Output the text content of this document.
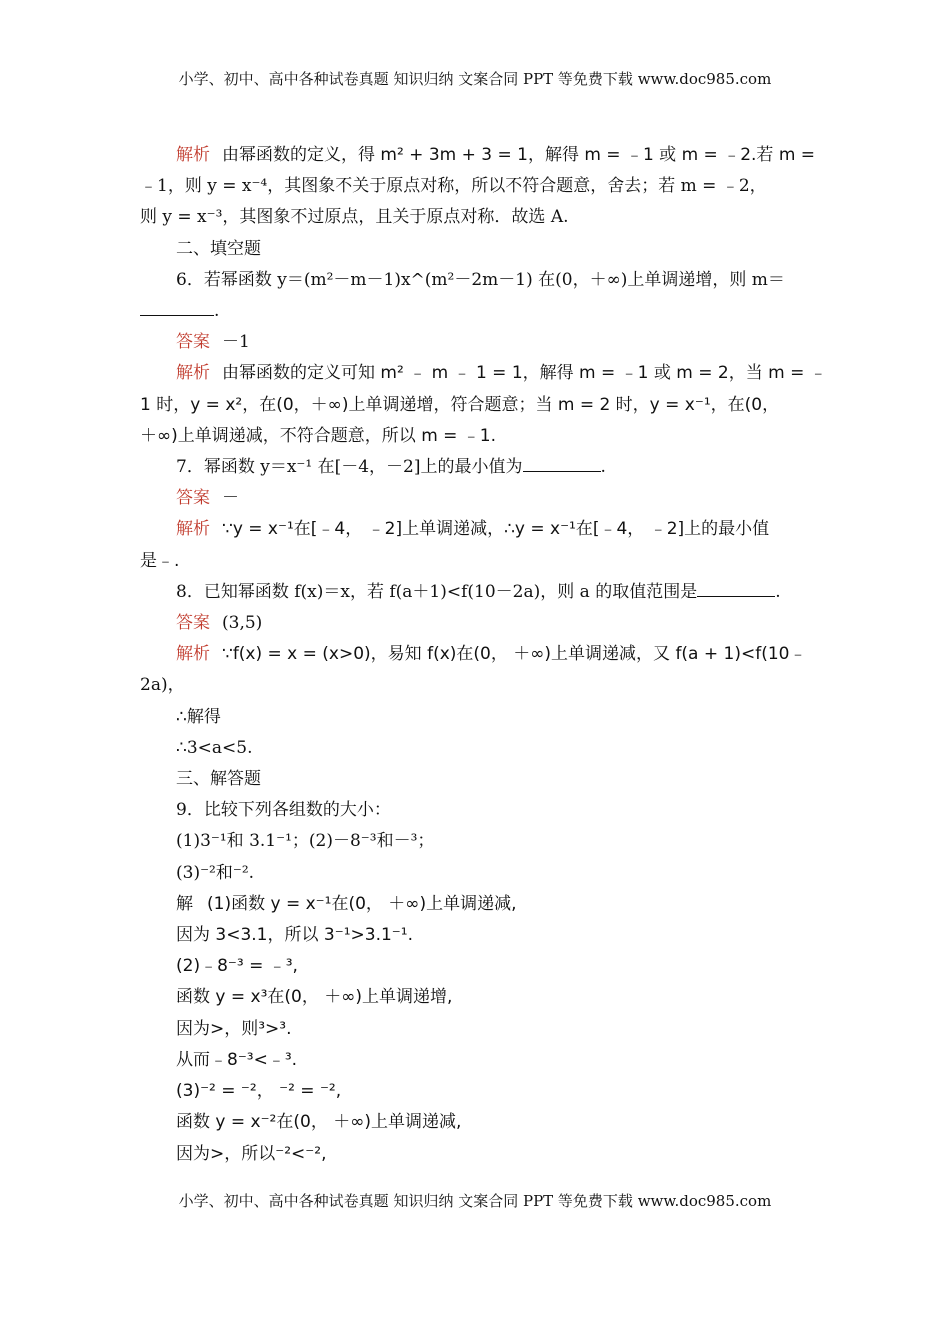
小学、初中、高中各种试卷真题 知识归纳 文案合同 PPT 等免费下载 www.doc985.com
解析 由幂函数的定义，得 m² + 3m + 3 = 1，解得 m = ﹣1 或 m = ﹣2.若 m =
﹣1，则 y = x⁻⁴，其图象不关于原点对称，所以不符合题意，舍去；若 m = ﹣2，
则 y = x⁻³，其图象不过原点，且关于原点对称．故选 A.
二、填空题
6．若幂函数 y＝(m²－m－1)x^(m²－2m－1) 在(0，＋∞)上单调递增，则 m＝
.
答案 －1
解析 由幂函数的定义可知 m² ﹣ m ﹣ 1 = 1，解得 m = ﹣1 或 m = 2，当 m = ﹣
1 时，y = x²，在(0，＋∞)上单调递增，符合题意；当 m = 2 时，y = x⁻¹，在(0，
＋∞)上单调递减，不符合题意，所以 m = ﹣1.
7．幂函数 y＝x⁻¹ 在[－4，－2]上的最小值为	.
答案 －
解析 ∵y = x⁻¹在[﹣4， ﹣2]上单调递减，∴y = x⁻¹在[﹣4， ﹣2]上的最小值
是﹣.
8．已知幂函数 f(x)＝x，若 f(a＋1)<f(10－2a)，则 a 的取值范围是	.
答案 (3,5)
解析 ∵f(x) = x = (x>0)，易知 f(x)在(0， ＋∞)上单调递减，又 f(a + 1)<f(10﹣
2a)，
∴解得
∴3<a<5.
三、解答题
9．比较下列各组数的大小：
(1)3⁻¹和 3.1⁻¹；(2)－8⁻³和－³；
(3)⁻²和⁻².
解 (1)函数 y = x⁻¹在(0， ＋∞)上单调递减,
因为 3<3.1，所以 3⁻¹>3.1⁻¹.
(2)﹣8⁻³ = ﹣³,
函数 y = x³在(0， ＋∞)上单调递增,
因为>，则³>³.
从而﹣8⁻³<﹣³.
(3)⁻² = ⁻²， ⁻² = ⁻²,
函数 y = x⁻²在(0， ＋∞)上单调递减,
因为>，所以⁻²<⁻²,
小学、初中、高中各种试卷真题 知识归纳 文案合同 PPT 等免费下载 www.doc985.com
